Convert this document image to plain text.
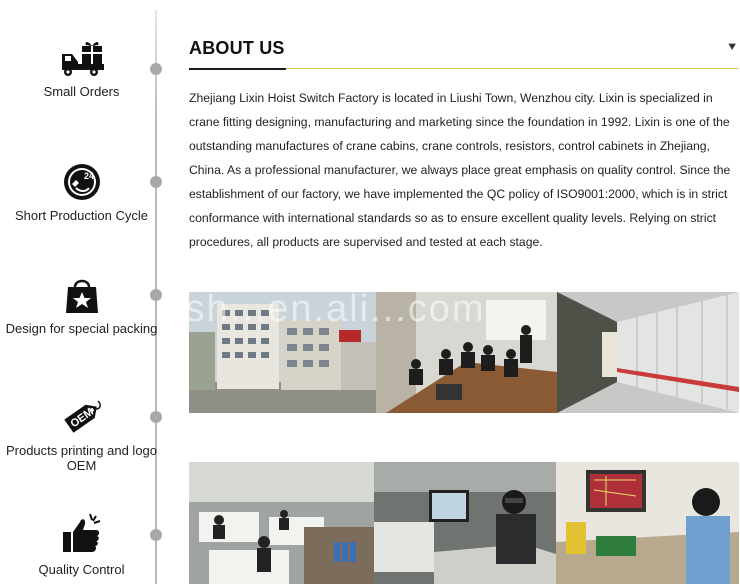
Small Orders
24
Short Production Cycle
Design for special packing
OEM
Products printing and logo OEM
Quality Control
ABOUT US	⯆
Zhejiang Lixin Hoist Switch Factory is located in Liushi Town, Wenzhou city. Lixin is specialized in crane fitting designing, manufacturing and marketing since the foundation in 1992. Lixin is one of the outstanding manufactures of crane cabins, crane controls, resistors, control cabinets in Zhejiang, China. As a professional manufacturer, we always place great emphasis on quality control. Since the establishment of our factory, we have implemented the QC policy of ISO9001:2000, which is in strict conformance with international standards so as to ensure excellent quality levels. Relying on strict procedures, all products are supervised and tested at each stage.
lsh...en.ali...com
